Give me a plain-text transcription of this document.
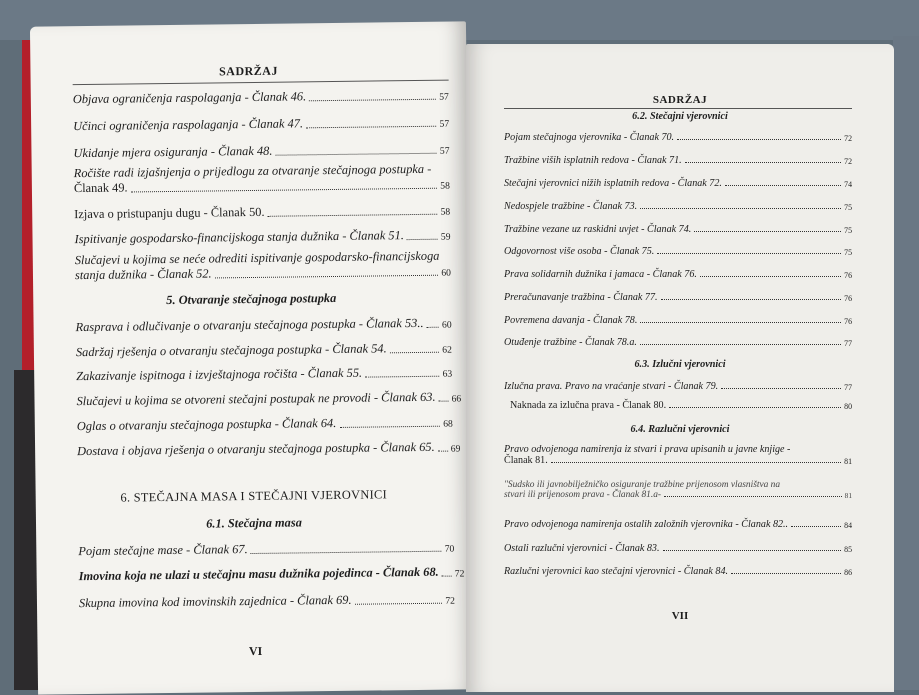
SADRŽAJ
Objava ograničenja raspolaganja - Članak 46.	57
Učinci ograničenja raspolaganja - Članak 47.	57
Ukidanje mjera osiguranja - Članak 48.	57
Ročište radi izjašnjenja o prijedlogu za otvaranje stečajnoga postupka -
Članak 49.	58
Izjava o pristupanju dugu - Članak 50.	58
Ispitivanje gospodarsko-financijskoga stanja dužnika - Članak 51.	59
Slučajevi u kojima se neće odrediti ispitivanje gospodarsko-financijskoga
stanja dužnika - Članak 52.	60
5. Otvaranje stečajnoga postupka
Rasprava i odlučivanje o otvaranju stečajnoga postupka - Članak 53.. 60
Sadržaj rješenja o otvaranju stečajnoga postupka - Članak 54.	62
Zakazivanje ispitnoga i izvještajnoga ročišta - Članak 55.	63
Slučajevi u kojima se otvoreni stečajni postupak ne provodi - Članak 63. 66
Oglas o otvaranju stečajnoga postupka - Članak 64.	68
Dostava i objava rješenja o otvaranju stečajnoga postupka - Članak 65. 69
6. STEČAJNA MASA I STEČAJNI VJEROVNICI
6.1. Stečajna masa
Pojam stečajne mase - Članak 67.	70
Imovina koja ne ulazi u stečajnu masu dužnika pojedinca - Članak 68. 72
Skupna imovina kod imovinskih zajednica - Članak 69.	72
VI
SADRŽAJ
6.2. Stečajni vjerovnici
Pojam stečajnoga vjerovnika - Članak 70.	72
Tražbine viših isplatnih redova - Članak 71.	72
Stečajni vjerovnici nižih isplatnih redova - Članak 72.	74
Nedospjele tražbine - Članak 73.	75
Tražbine vezane uz raskidni uvjet - Članak 74.	75
Odgovornost više osoba - Članak 75.	75
Prava solidarnih dužnika i jamaca - Članak 76.	76
Preračunavanje tražbina - Članak 77.	76
Povremena davanja - Članak 78.	76
Otuđenje tražbine - Članak 78.a.	77
6.3. Izlučni vjerovnici
Izlučna prava. Pravo na vraćanje stvari - Članak 79.	77
Naknada za izlučna prava - Članak 80.	80
6.4. Razlučni vjerovnici
Pravo odvojenoga namirenja iz stvari i prava upisanih u javne knjige -
Članak 81.	81
"Sudsko ili javnobilježničko osiguranje tražbine prijenosom vlasništva na
stvari ili prijenosom prava - Članak 81.a-	81
Pravo odvojenoga namirenja ostalih založnih vjerovnika - Članak 82..	84
Ostali razlučni vjerovnici - Članak 83.	85
Razlučni vjerovnici kao stečajni vjerovnici - Članak 84.	86
VII
